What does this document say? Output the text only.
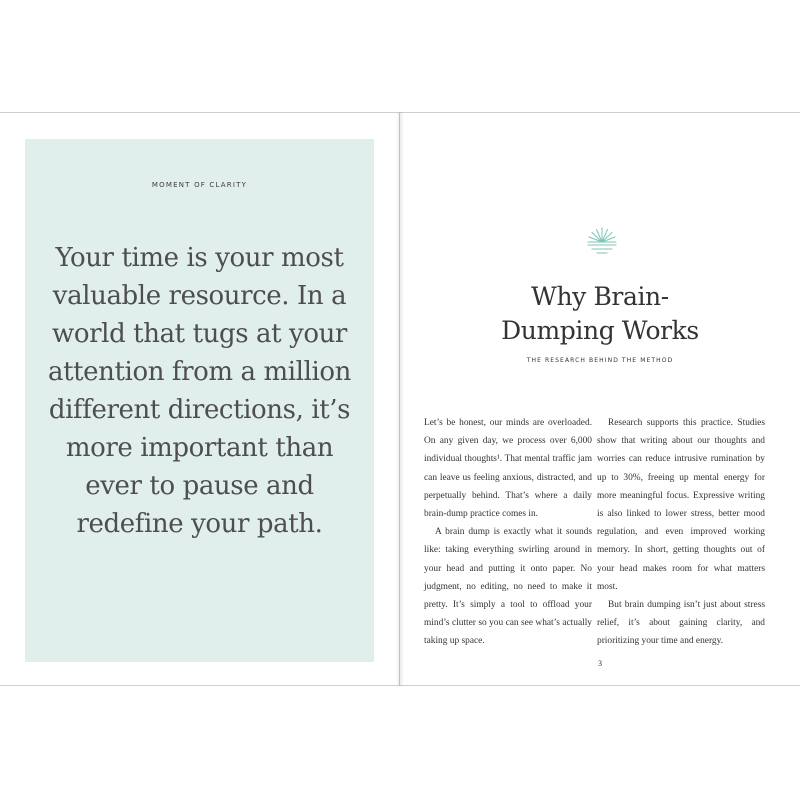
MOMENT OF CLARITY

Your time is your most valuable resource. In a world that tugs at your attention from a million different directions, it’s more important than ever to pause and redefine your path.

Why Brain-
Dumping Works
THE RESEARCH BEHIND THE METHOD

Let’s be honest, our minds are overloaded. On any given day, we process over 6,000 individual thoughts¹. That mental traffic jam can leave us feeling anxious, distracted, and perpetually behind. That’s where a daily brain-dump practice comes in.

A brain dump is exactly what it sounds like: taking everything swirling around in your head and putting it onto paper. No judgment, no editing, no need to make it pretty. It’s simply a tool to offload your mind’s clutter so you can see what’s actually taking up space.

Research supports this practice. Studies show that writing about our thoughts and worries can reduce intrusive rumination by up to 30%, freeing up mental energy for more meaningful focus. Expressive writing is also linked to lower stress, better mood regulation, and even improved working memory. In short, getting thoughts out of your head makes room for what matters most.

But brain dumping isn’t just about stress relief, it’s about gaining clarity, and prioritizing your time and energy.

3
